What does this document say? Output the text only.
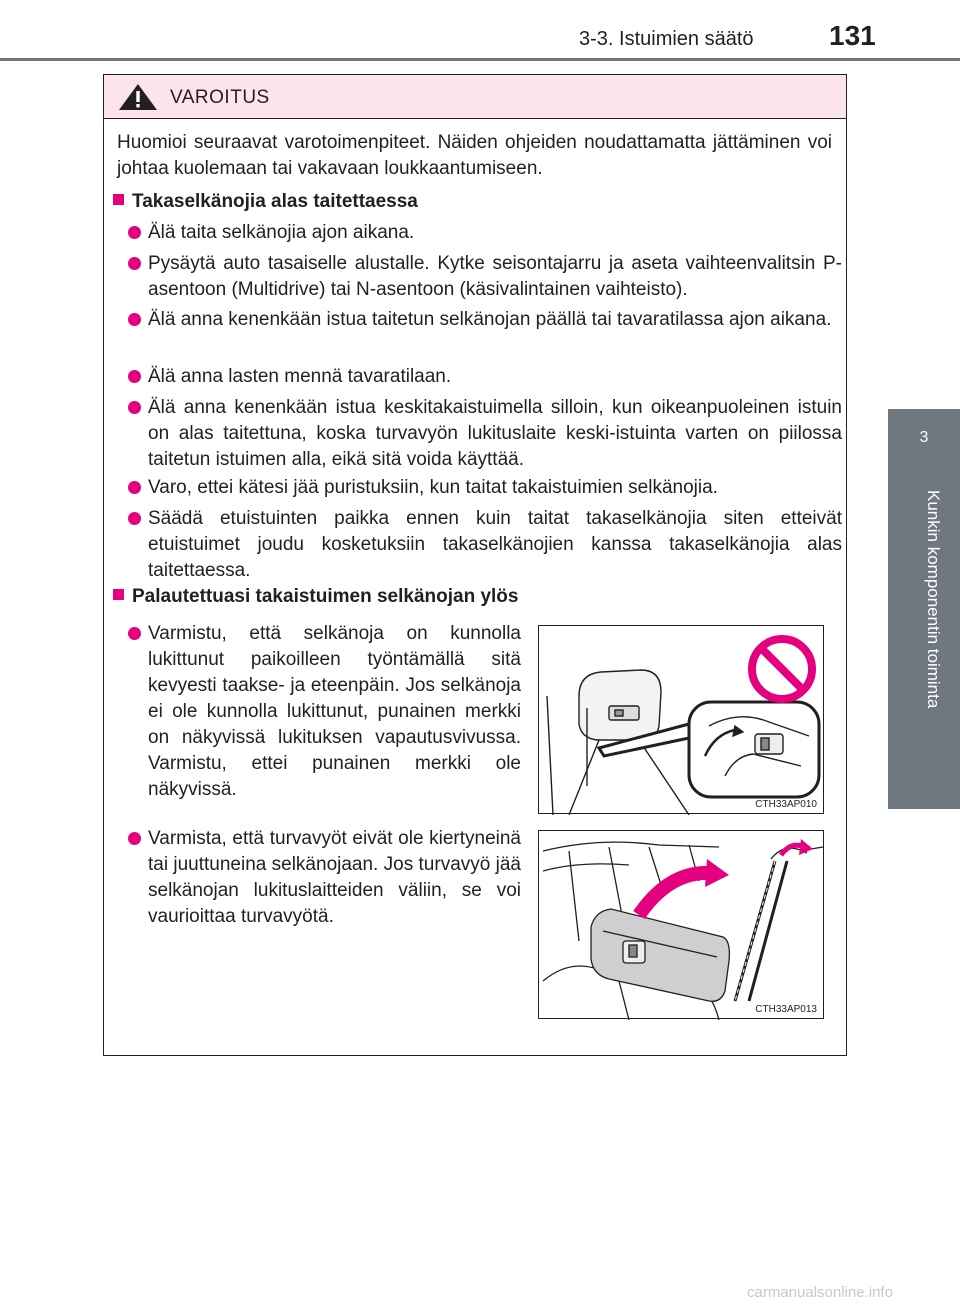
3-3. Istuimien säätö	131
3
Kunkin komponentin toiminta
VAROITUS
Huomioi seuraavat varotoimenpiteet. Näiden ohjeiden noudattamatta jättäminen voi johtaa kuolemaan tai vakavaan loukkaantumiseen.
Takaselkänojia alas taitettaessa
Älä taita selkänojia ajon aikana.
Pysäytä auto tasaiselle alustalle. Kytke seisontajarru ja aseta vaihteenvalitsin P-asentoon (Multidrive) tai N-asentoon (käsivalintainen vaihteisto).
Älä anna kenenkään istua taitetun selkänojan päällä tai tavaratilassa ajon aikana.
Älä anna lasten mennä tavaratilaan.
Älä anna kenenkään istua keskitakaistuimella silloin, kun oikeanpuoleinen istuin on alas taitettuna, koska turvavyön lukituslaite keski-istuinta varten on piilossa taitetun istuimen alla, eikä sitä voida käyttää.
Varo, ettei kätesi jää puristuksiin, kun taitat takaistuimien selkänojia.
Säädä etuistuinten paikka ennen kuin taitat takaselkänojia siten etteivät etuistuimet joudu kosketuksiin takaselkänojien kanssa takaselkänojia alas taitettaessa.
Palautettuasi takaistuimen selkänojan ylös
Varmistu, että selkänoja on kunnolla lukittunut paikoilleen työntämällä sitä kevyesti taakse- ja eteenpäin. Jos selkänoja ei ole kunnolla lukittunut, punainen merkki on näkyvissä lukituksen vapautusvivussa. Varmistu, ettei punainen merkki ole näkyvissä.
Varmista, että turvavyöt eivät ole kiertyneinä tai juuttuneina selkänojaan. Jos turvavyö jää selkänojan lukituslaitteiden väliin, se voi vaurioittaa turvavyötä.
CTH33AP010
CTH33AP013
carmanualsonline.info
